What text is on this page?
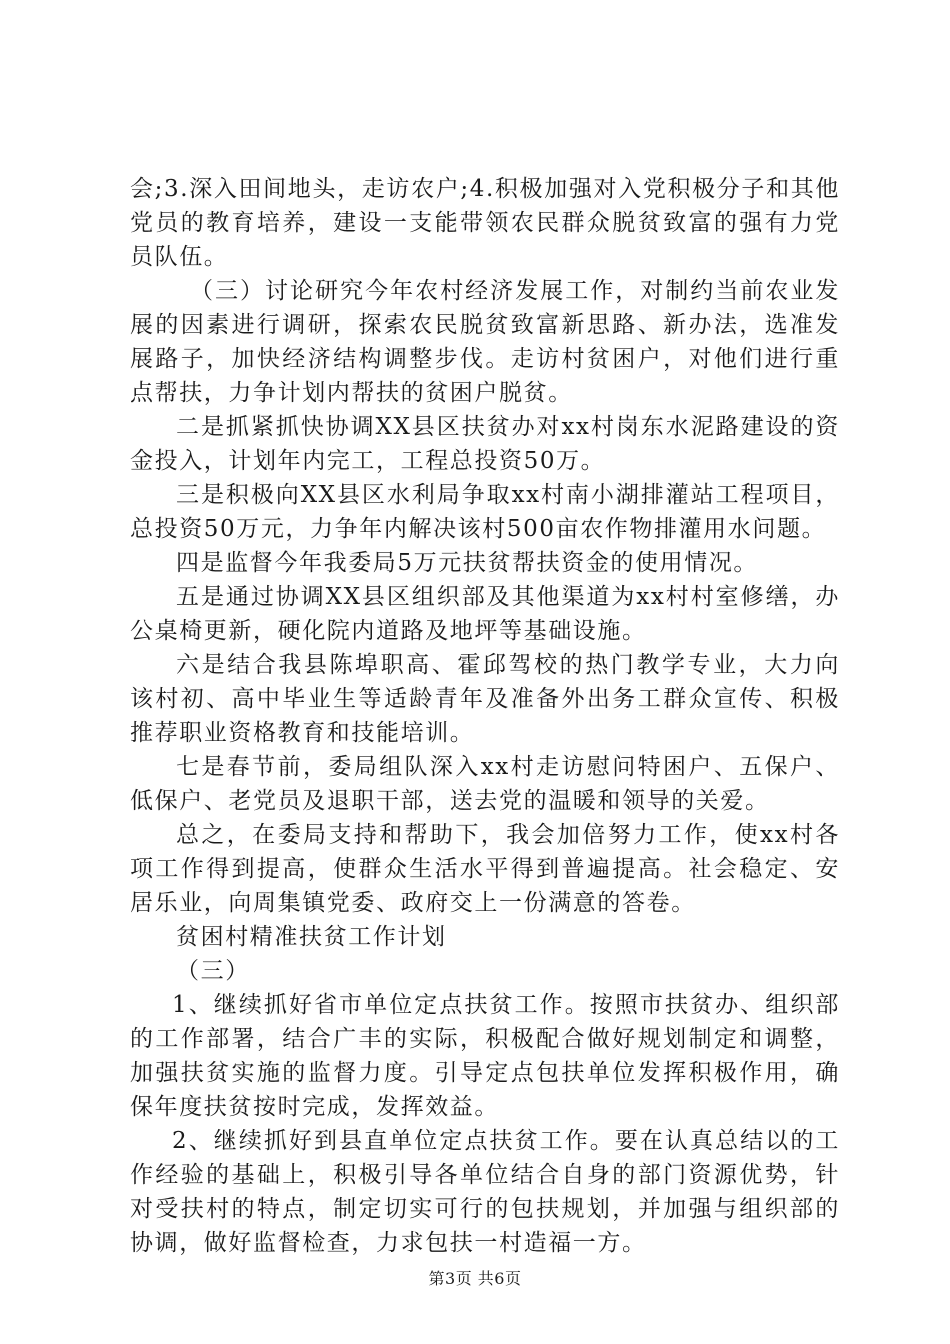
会;3.深入田间地头，走访农户;4.积极加强对入党积极分子和其他党员的教育培养，建设一支能带领农民群众脱贫致富的强有力党员队伍。

（三）讨论研究今年农村经济发展工作，对制约当前农业发展的因素进行调研，探索农民脱贫致富新思路、新办法，选准发展路子，加快经济结构调整步伐。走访村贫困户，对他们进行重点帮扶，力争计划内帮扶的贫困户脱贫。

二是抓紧抓快协调XX县区扶贫办对xx村岗东水泥路建设的资金投入，计划年内完工，工程总投资50万。

三是积极向XX县区水利局争取xx村南小湖排灌站工程项目，总投资50万元，力争年内解决该村500亩农作物排灌用水问题。

四是监督今年我委局5万元扶贫帮扶资金的使用情况。

五是通过协调XX县区组织部及其他渠道为xx村村室修缮，办公桌椅更新，硬化院内道路及地坪等基础设施。

六是结合我县陈埠职高、霍邱驾校的热门教学专业，大力向该村初、高中毕业生等适龄青年及准备外出务工群众宣传、积极推荐职业资格教育和技能培训。

七是春节前，委局组队深入xx村走访慰问特困户、五保户、低保户、老党员及退职干部，送去党的温暖和领导的关爱。

总之，在委局支持和帮助下，我会加倍努力工作，使xx村各项工作得到提高，使群众生活水平得到普遍提高。社会稳定、安居乐业，向周集镇党委、政府交上一份满意的答卷。

贫困村精准扶贫工作计划

（三）

1、继续抓好省市单位定点扶贫工作。按照市扶贫办、组织部的工作部署，结合广丰的实际，积极配合做好规划制定和调整，加强扶贫实施的监督力度。引导定点包扶单位发挥积极作用，确保年度扶贫按时完成，发挥效益。

2、继续抓好到县直单位定点扶贫工作。要在认真总结以的工作经验的基础上，积极引导各单位结合自身的部门资源优势，针对受扶村的特点，制定切实可行的包扶规划，并加强与组织部的协调，做好监督检查，力求包扶一村造福一方。

第3页 共6页
